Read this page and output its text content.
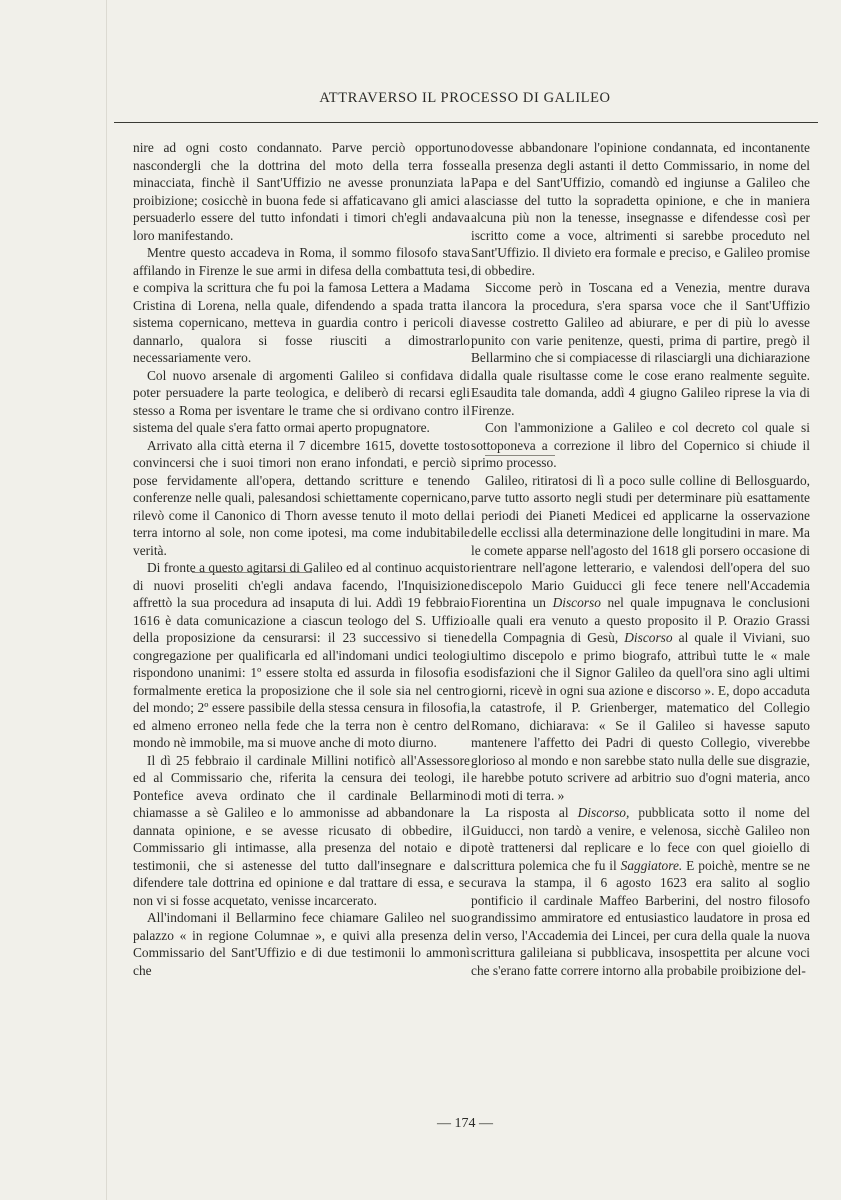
ATTRAVERSO IL PROCESSO DI GALILEO

nire ad ogni costo condannato. Parve perciò opportuno nascondergli che la dottrina del moto della terra fosse minacciata, finchè il Sant'Uffizio ne avesse pronunziata la proibizione; cosicchè in buona fede si affaticavano gli amici a persuaderlo essere del tutto infondati i timori ch'egli andava loro manifestando.

Mentre questo accadeva in Roma, il sommo filosofo stava affilando in Firenze le sue armi in difesa della combattuta tesi, e compiva la scrittura che fu poi la famosa Lettera a Madama Cristina di Lorena, nella quale, difendendo a spada tratta il sistema copernicano, metteva in guardia contro i pericoli di dannarlo, qualora si fosse riusciti a dimostrarlo necessariamente vero.

Col nuovo arsenale di argomenti Galileo si confidava di poter persuadere la parte teologica, e deliberò di recarsi egli stesso a Roma per isventare le trame che si ordivano contro il sistema del quale s'era fatto ormai aperto propugnatore.

Arrivato alla città eterna il 7 dicembre 1615, dovette tosto convincersi che i suoi timori non erano infondati, e perciò si pose fervidamente all'opera, dettando scritture e tenendo conferenze nelle quali, palesandosi schiettamente copernicano, rilevò come il Canonico di Thorn avesse tenuto il moto della terra intorno al sole, non come ipotesi, ma come indubitabile verità.

Di fronte a questo agitarsi di Galileo ed al continuo acquisto di nuovi proseliti ch'egli andava facendo, l'Inquisizione affrettò la sua procedura ad insaputa di lui. Addì 19 febbraio 1616 è data comunicazione a ciascun teologo del S. Uffizio della proposizione da censurarsi: il 23 successivo si tiene congregazione per qualificarla ed all'indomani undici teologi rispondono unanimi: 1º essere stolta ed assurda in filosofia e formalmente eretica la proposizione che il sole sia nel centro del mondo; 2º essere passibile della stessa censura in filosofia, ed almeno erroneo nella fede che la terra non è centro del mondo nè immobile, ma si muove anche di moto diurno.

Il dì 25 febbraio il cardinale Millini notificò all'Assessore ed al Commissario che, riferita la censura dei teologi, il Pontefice aveva ordinato che il cardinale Bellarmino chiamasse a sè Galileo e lo ammonisse ad abbandonare la dannata opinione, e se avesse ricusato di obbedire, il Commissario gli intimasse, alla presenza del notaio e di testimonii, che si astenesse del tutto dall'insegnare e dal difendere tale dottrina ed opinione e dal trattare di essa, e se non vi si fosse acquetato, venisse incarcerato.

All'indomani il Bellarmino fece chiamare Galileo nel suo palazzo « in regione Columnae », e quivi alla presenza del Commissario del Sant'Uffizio e di due testimonii lo ammonì che

dovesse abbandonare l'opinione condannata, ed incontanente alla presenza degli astanti il detto Commissario, in nome del Papa e del Sant'Uffizio, comandò ed ingiunse a Galileo che lasciasse del tutto la sopradetta opinione, e che in maniera alcuna più non la tenesse, insegnasse e difendesse così per iscritto come a voce, altrimenti si sarebbe proceduto nel Sant'Uffizio. Il divieto era formale e preciso, e Galileo promise di obbedire.

Siccome però in Toscana ed a Venezia, mentre durava ancora la procedura, s'era sparsa voce che il Sant'Uffizio avesse costretto Galileo ad abiurare, e per di più lo avesse punito con varie penitenze, questi, prima di partire, pregò il Bellarmino che si compiacesse di rilasciargli una dichiarazione dalla quale risultasse come le cose erano realmente seguìte. Esaudita tale domanda, addì 4 giugno Galileo riprese la via di Firenze.

Con l'ammonizione a Galileo e col decreto col quale si sottoponeva a correzione il libro del Copernico si chiude il primo processo.

Galileo, ritiratosi di lì a poco sulle colline di Bellosguardo, parve tutto assorto negli studi per determinare più esattamente i periodi dei Pianeti Medicei ed applicarne la osservazione delle ecclissi alla determinazione delle longitudini in mare. Ma le comete apparse nell'agosto del 1618 gli porsero occasione di rientrare nell'agone letterario, e valendosi dell'opera del suo discepolo Mario Guiducci gli fece tenere nell'Accademia Fiorentina un Discorso nel quale impugnava le conclusioni alle quali era venuto a questo proposito il P. Orazio Grassi della Compagnia di Gesù, Discorso al quale il Viviani, suo ultimo discepolo e primo biografo, attribuì tutte le « male sodisfazioni che il Signor Galileo da quell'ora sino agli ultimi giorni, ricevè in ogni sua azione e discorso ». E, dopo accaduta la catastrofe, il P. Grienberger, matematico del Collegio Romano, dichiarava: « Se il Galileo si havesse saputo mantenere l'affetto dei Padri di questo Collegio, viverebbe glorioso al mondo e non sarebbe stato nulla delle sue disgrazie, e harebbe potuto scrivere ad arbitrio suo d'ogni materia, anco di moti di terra. »

La risposta al Discorso, pubblicata sotto il nome del Guiducci, non tardò a venire, e velenosa, sicchè Galileo non potè trattenersi dal replicare e lo fece con quel gioiello di scrittura polemica che fu il Saggiatore. E poichè, mentre se ne curava la stampa, il 6 agosto 1623 era salito al soglio pontificio il cardinale Maffeo Barberini, del nostro filosofo grandissimo ammiratore ed entusiastico laudatore in prosa ed in verso, l'Accademia dei Lincei, per cura della quale la nuova scrittura galileiana si pubblicava, insospettita per alcune voci che s'erano fatte correre intorno alla probabile proibizione del-

— 174 —
